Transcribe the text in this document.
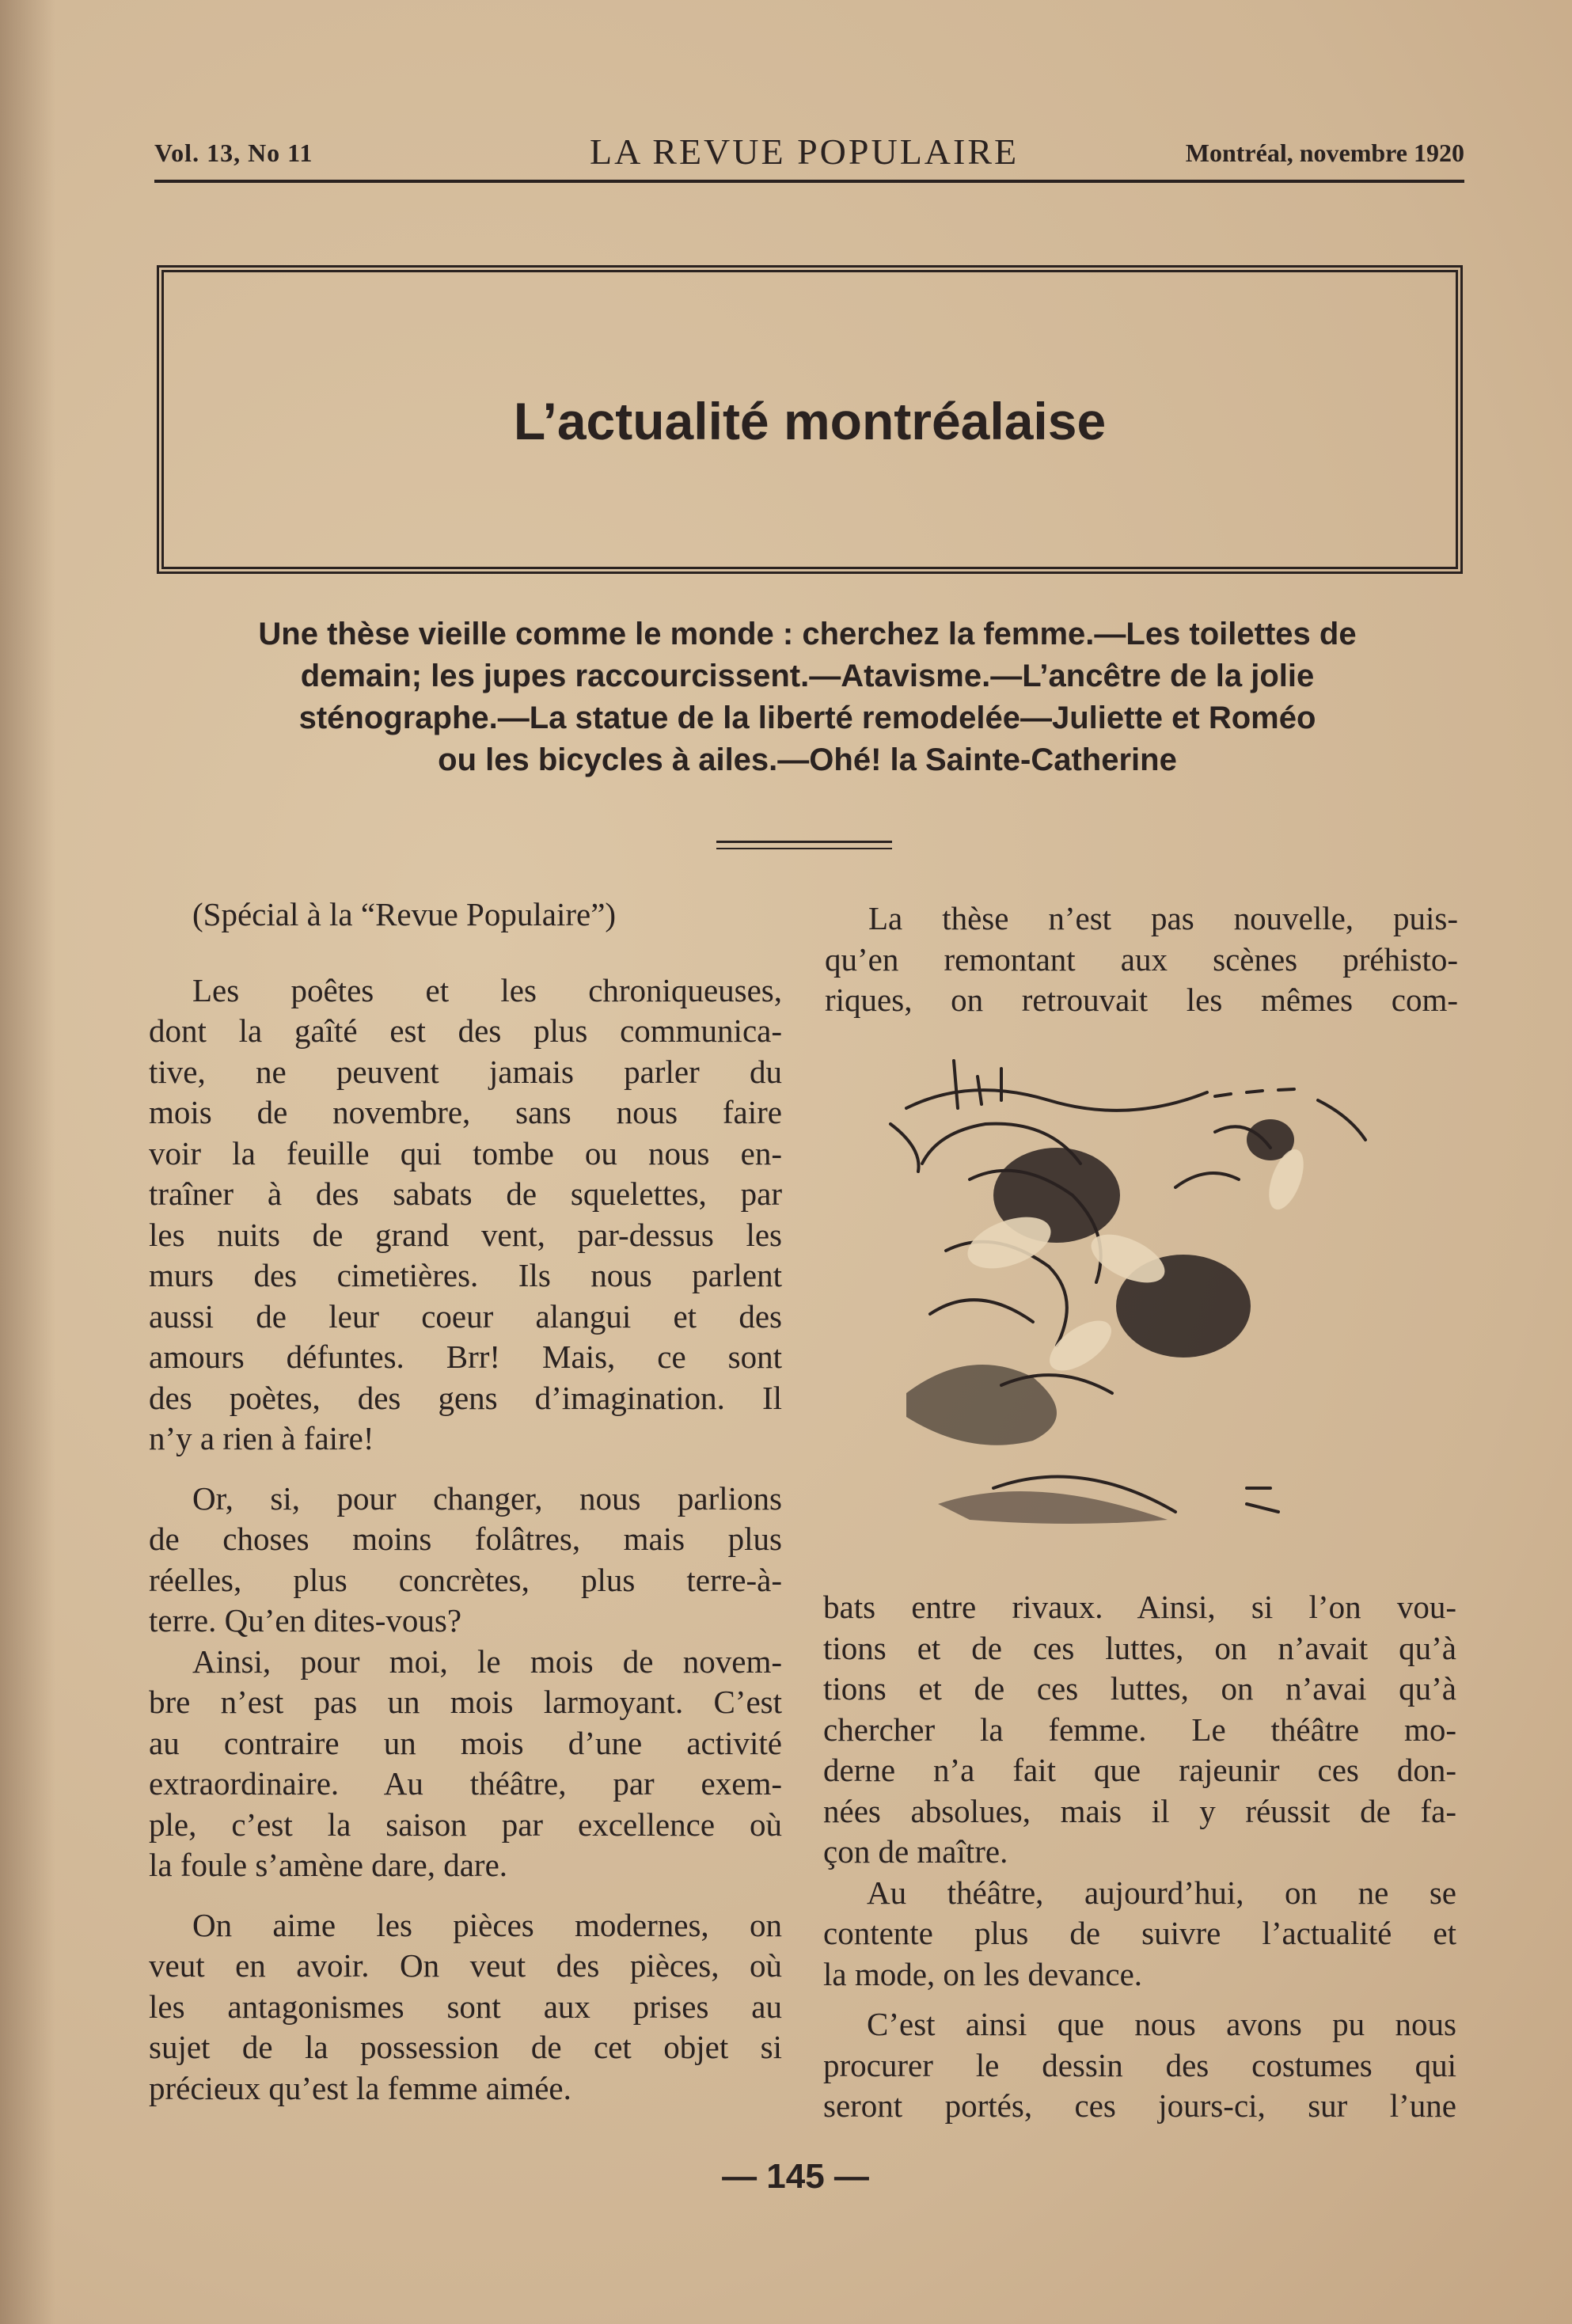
Vol. 13, No 11	LA REVUE POPULAIRE	Montréal, novembre 1920
L’actualité montréalaise
Une thèse vieille comme le monde : cherchez la femme.—Les toilettes de
demain; les jupes raccourcissent.—Atavisme.—L’ancêtre de la jolie
sténographe.—La statue de la liberté remodelée—Juliette et Roméo
ou les bicycles à ailes.—Ohé! la Sainte-Catherine

(Spécial à la “Revue Populaire”)

Les poêtes et les chroniqueuses,
dont la gaîté est des plus communica-
tive, ne peuvent jamais parler du
mois de novembre, sans nous faire
voir la feuille qui tombe ou nous en-
traîner à des sabats de squelettes, par
les nuits de grand vent, par-dessus les
murs des cimetières. Ils nous parlent
aussi de leur coeur alangui et des
amours défuntes. Brr! Mais, ce sont
des poètes, des gens d’imagination. Il
n’y a rien à faire!

Or, si, pour changer, nous parlions
de choses moins folâtres, mais plus
réelles, plus concrètes, plus terre-à-
terre. Qu’en dites-vous?

Ainsi, pour moi, le mois de novem-
bre n’est pas un mois larmoyant. C’est
au contraire un mois d’une activité
extraordinaire. Au théâtre, par exem-
ple, c’est la saison par excellence où
la foule s’amène dare, dare.

On aime les pièces modernes, on
veut en avoir. On veut des pièces, où
les antagonismes sont aux prises au
sujet de la possession de cet objet si
précieux qu’est la femme aimée.

La thèse n’est pas nouvelle, puis-
qu’en remontant aux scènes préhisto-
riques, on retrouvait les mêmes com-

bats entre rivaux. Ainsi, si l’on vou-
tions et de ces luttes, on n’avait qu’à
tions et de ces luttes, on n’avai qu’à
chercher la femme. Le théâtre mo-
derne n’a fait que rajeunir ces don-
nées absolues, mais il y réussit de fa-
çon de maître.

Au théâtre, aujourd’hui, on ne se
contente plus de suivre l’actualité et
la mode, on les devance.

C’est ainsi que nous avons pu nous
procurer le dessin des costumes qui
seront portés, ces jours-ci, sur l’une

— 145 —
